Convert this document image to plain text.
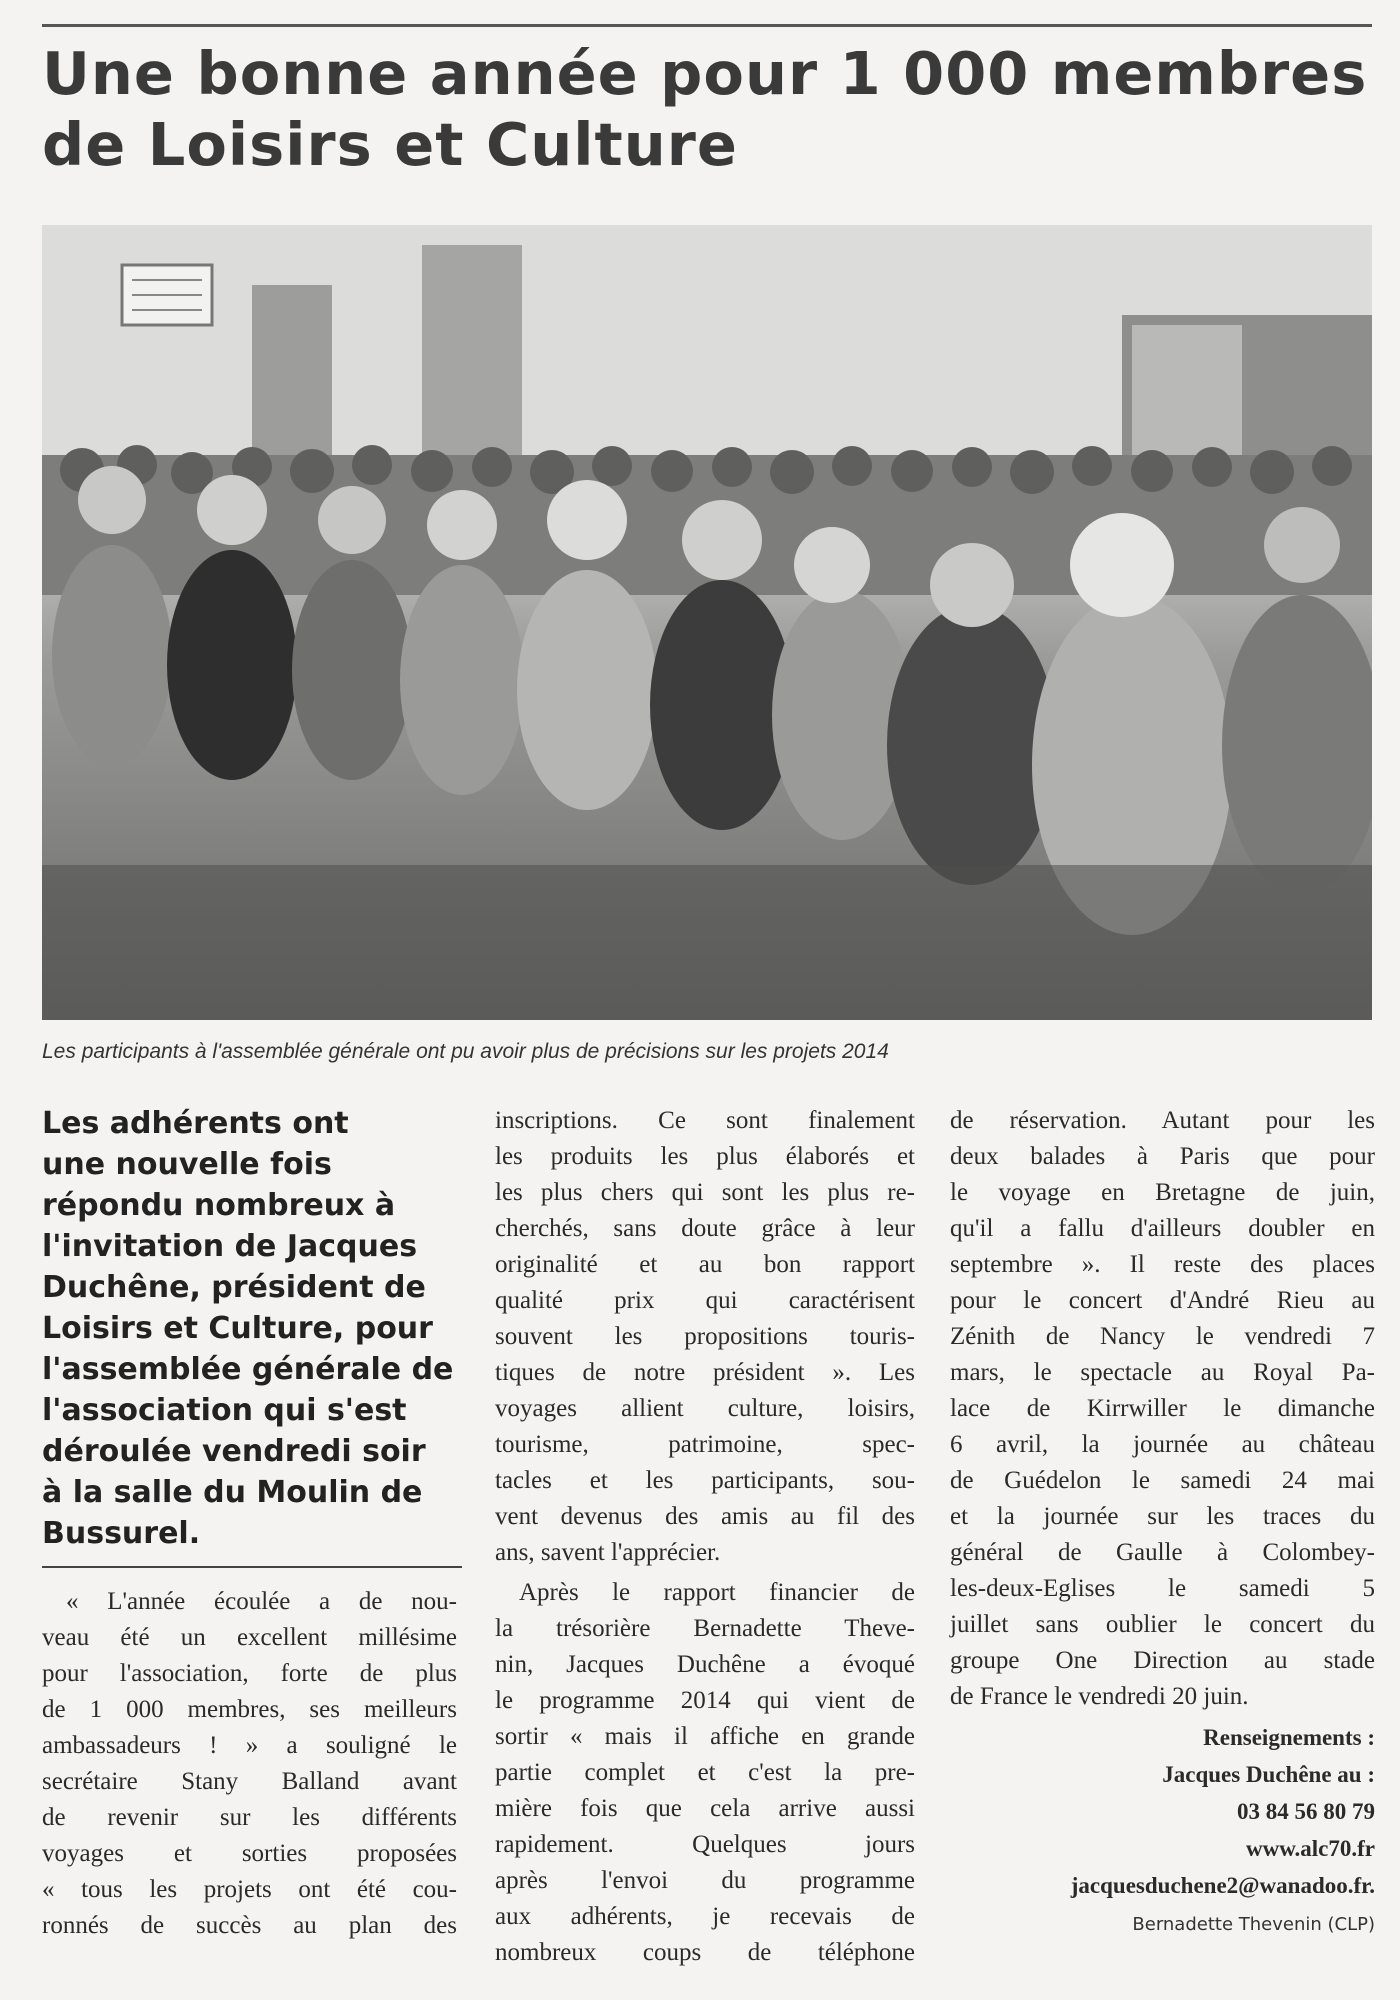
Une bonne année pour 1 000 membres
de Loisirs et Culture
Les participants à l'assemblée générale ont pu avoir plus de précisions sur les projets 2014
Les adhérents ont
une nouvelle fois
répondu nombreux à
l'invitation de Jacques
Duchêne, président de
Loisirs et Culture, pour
l'assemblée générale de
l'association qui s'est
déroulée vendredi soir
à la salle du Moulin de
Bussurel.
« L'année écoulée a de nou-
veau été un excellent millésime
pour l'association, forte de plus
de 1 000 membres, ses meilleurs
ambassadeurs ! » a souligné le
secrétaire Stany Balland avant
de revenir sur les différents
voyages et sorties proposées
« tous les projets ont été cou-
ronnés de succès au plan des
inscriptions. Ce sont finalement
les produits les plus élaborés et
les plus chers qui sont les plus re-
cherchés, sans doute grâce à leur
originalité et au bon rapport
qualité prix qui caractérisent
souvent les propositions touris-
tiques de notre président ». Les
voyages allient culture, loisirs,
tourisme, patrimoine, spec-
tacles et les participants, sou-
vent devenus des amis au fil des
ans, savent l'apprécier.
Après le rapport financier de
la trésorière Bernadette Theve-
nin, Jacques Duchêne a évoqué
le programme 2014 qui vient de
sortir « mais il affiche en grande
partie complet et c'est la pre-
mière fois que cela arrive aussi
rapidement. Quelques jours
après l'envoi du programme
aux adhérents, je recevais de
nombreux coups de téléphone
de réservation. Autant pour les
deux balades à Paris que pour
le voyage en Bretagne de juin,
qu'il a fallu d'ailleurs doubler en
septembre ». Il reste des places
pour le concert d'André Rieu au
Zénith de Nancy le vendredi 7
mars, le spectacle au Royal Pa-
lace de Kirrwiller le dimanche
6 avril, la journée au château
de Guédelon le samedi 24 mai
et la journée sur les traces du
général de Gaulle à Colombey-
les-deux-Eglises le samedi 5
juillet sans oublier le concert du
groupe One Direction au stade
de France le vendredi 20 juin.
Renseignements :
Jacques Duchêne au :
03 84 56 80 79
www.alc70.fr
jacquesduchene2@wanadoo.fr.
Bernadette Thevenin (CLP)
